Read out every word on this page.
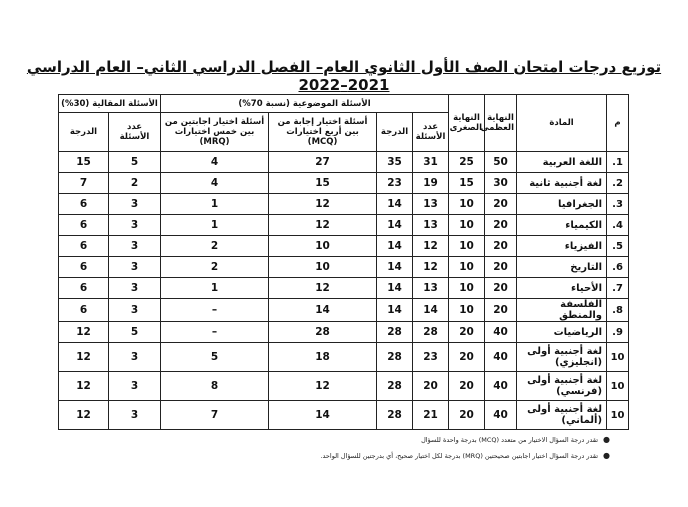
توزيع درجات امتحان الصف الأول الثانوي العام– الفصل الدراسي الثاني– العام الدراسي 2021–2022
م	المادة	النهاية العظمى	النهاية الصغرى	الأسئلة الموضوعية (نسبة 70%)				الأسئلة المقالية (30%)	
				عدد الأسئلة	الدرجة	أسئلة اختيار إجابة من بين أربع اختيارات (MCQ)	أسئلة اختيار اجابتين من بين خمس اختيارات (MRQ)	عدد الأسئلة	الدرجة
1.	اللغة العربية	50	25	31	35	27	4	5	15
2.	لغة أجنبية ثانية	30	15	19	23	15	4	2	7
3.	الجغرافيا	20	10	13	14	12	1	3	6
4.	الكيمياء	20	10	13	14	12	1	3	6
5.	الفيزياء	20	10	12	14	10	2	3	6
6.	التاريخ	20	10	12	14	10	2	3	6
7.	الأحياء	20	10	13	14	12	1	3	6
8.	الفلسفة والمنطق	20	10	14	14	14	–	3	6
9.	الرياضيات	40	20	28	28	28	–	5	12
10	لغة أجنبية أولى (انجليزي)	40	20	23	28	18	5	3	12
10	لغة أجنبية أولى (فرنسي)	40	20	20	28	12	8	3	12
10	لغة أجنبية أولى (ألماني)	40	20	21	28	14	7	3	12
●
تقدر درجة السؤال الاختيار من متعدد (MCQ) بدرجة واحدة للسؤال
●
تقدر درجة السؤال اختيار اجابتين صحيحتين (MRQ) بدرجة لكل اختيار صحيح، أي بدرجتين للسؤال الواحد.
